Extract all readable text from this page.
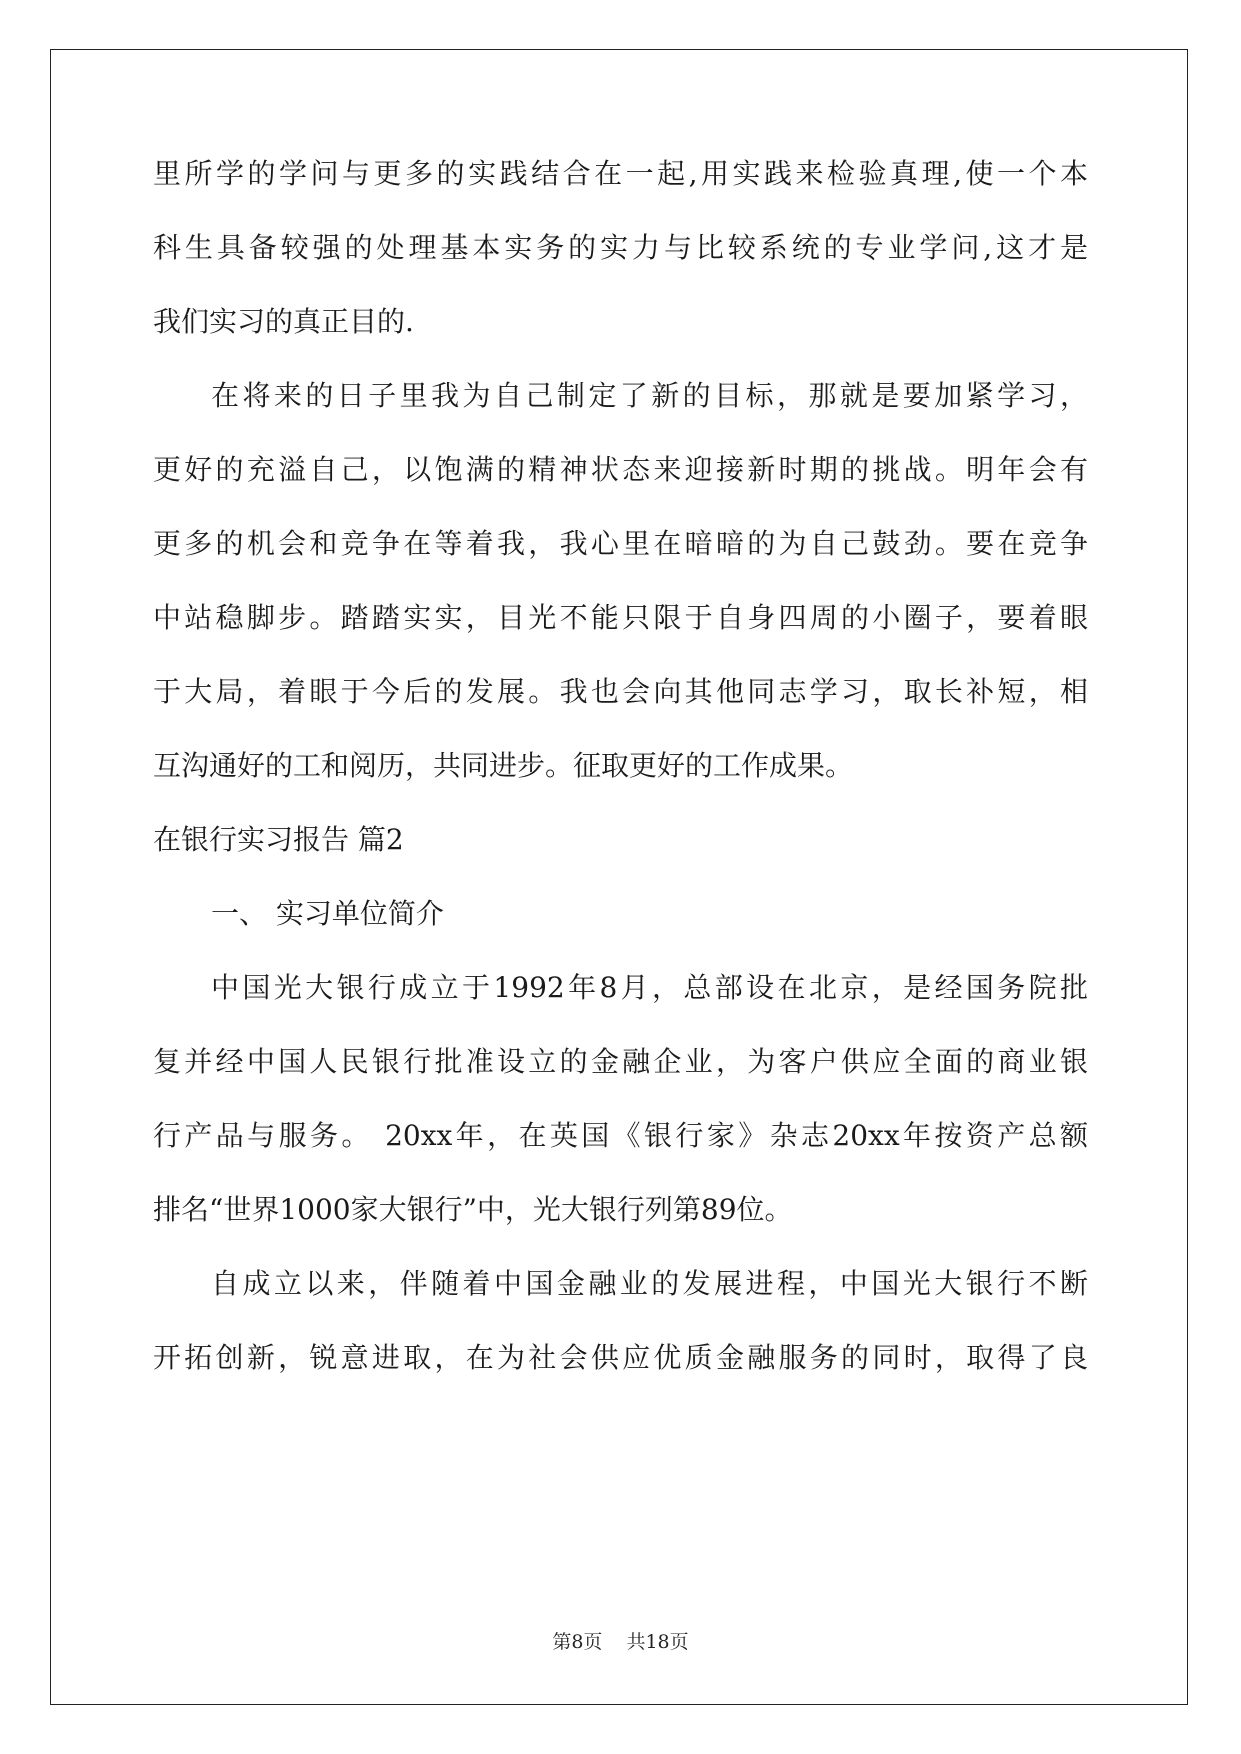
里所学的学问与更多的实践结合在一起,用实践来检验真理,使一个本
科生具备较强的处理基本实务的实力与比较系统的专业学问,这才是
我们实习的真正目的.
在将来的日子里我为自己制定了新的目标，那就是要加紧学习，
更好的充溢自己，以饱满的精神状态来迎接新时期的挑战。明年会有
更多的机会和竞争在等着我，我心里在暗暗的为自己鼓劲。要在竞争
中站稳脚步。踏踏实实，目光不能只限于自身四周的小圈子，要着眼
于大局，着眼于今后的发展。我也会向其他同志学习，取长补短，相
互沟通好的工和阅历，共同进步。征取更好的工作成果。
在银行实习报告 篇2
一、 实习单位简介
中国光大银行成立于1992年8月，总部设在北京，是经国务院批
复并经中国人民银行批准设立的金融企业，为客户供应全面的商业银
行产品与服务。 20xx年，在英国《银行家》杂志20xx年按资产总额
排名“世界1000家大银行”中，光大银行列第89位。
自成立以来，伴随着中国金融业的发展进程，中国光大银行不断
开拓创新，锐意进取，在为社会供应优质金融服务的同时，取得了良
第8页 共18页
